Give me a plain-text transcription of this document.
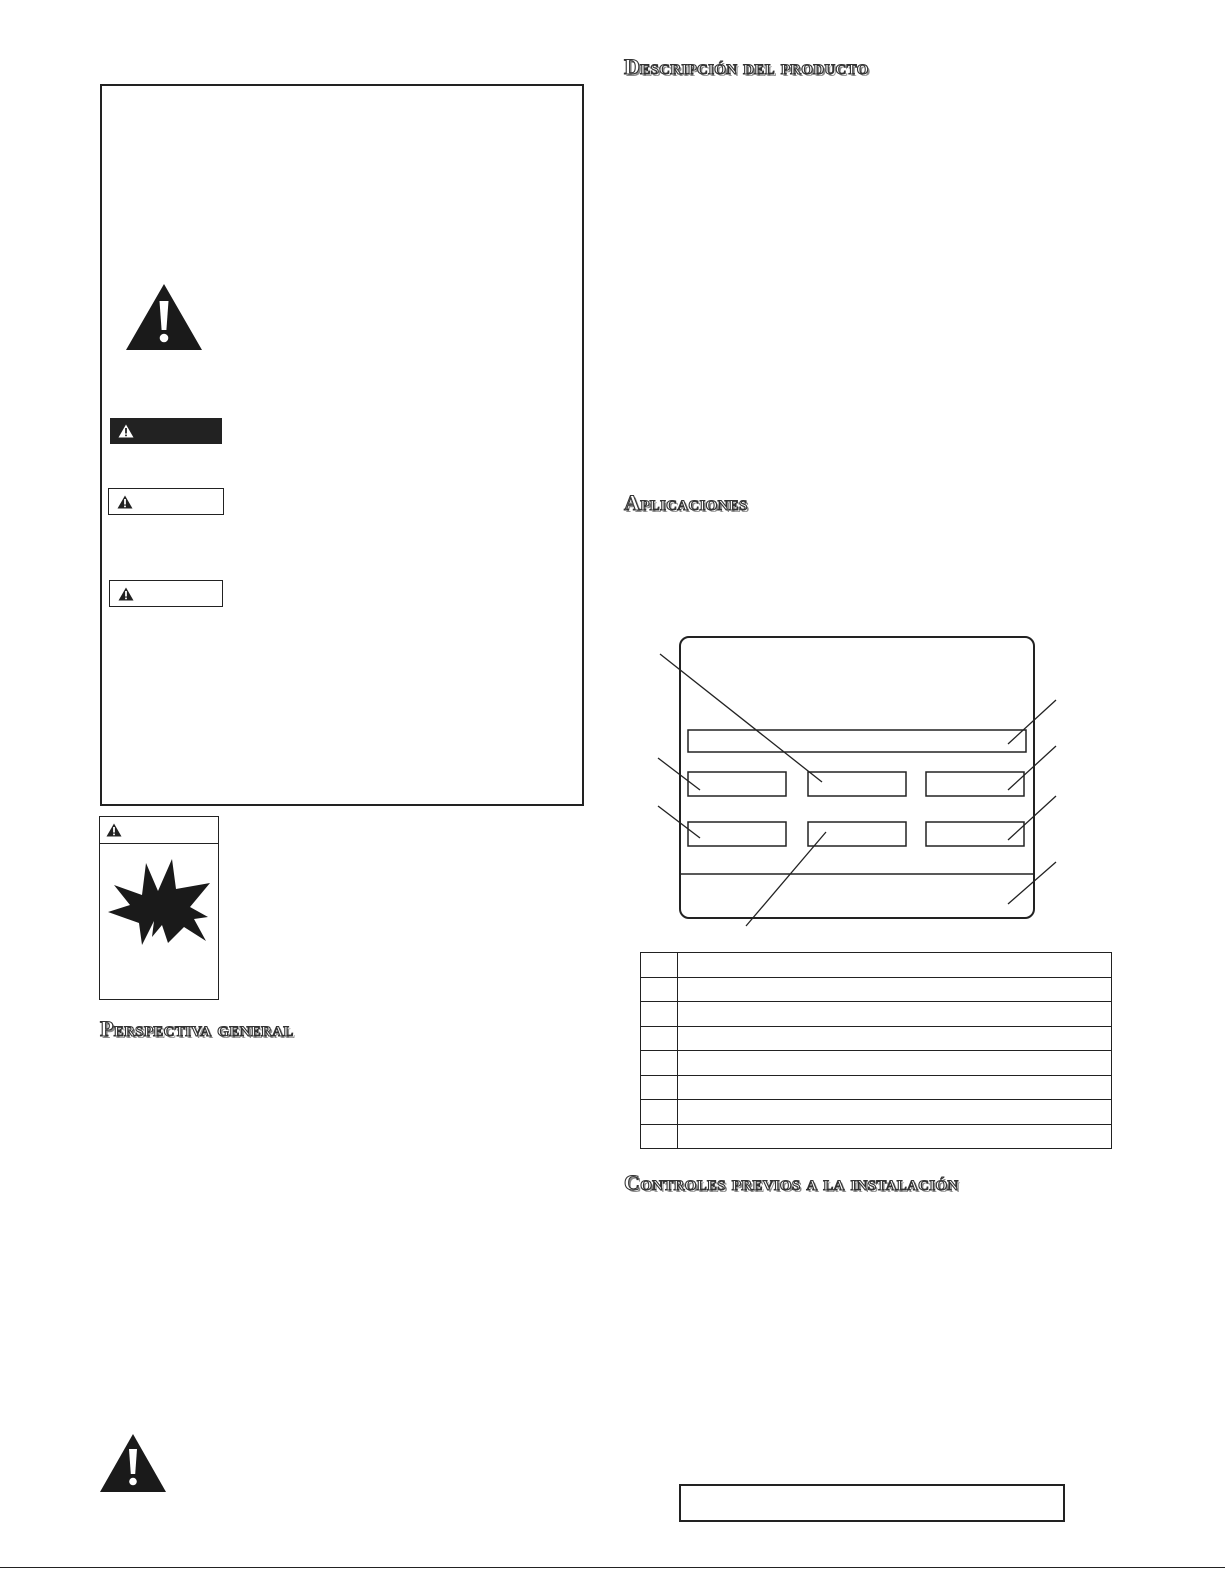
Perspectiva general
Descripción del producto
Aplicaciones
Controles previos a la instalación
